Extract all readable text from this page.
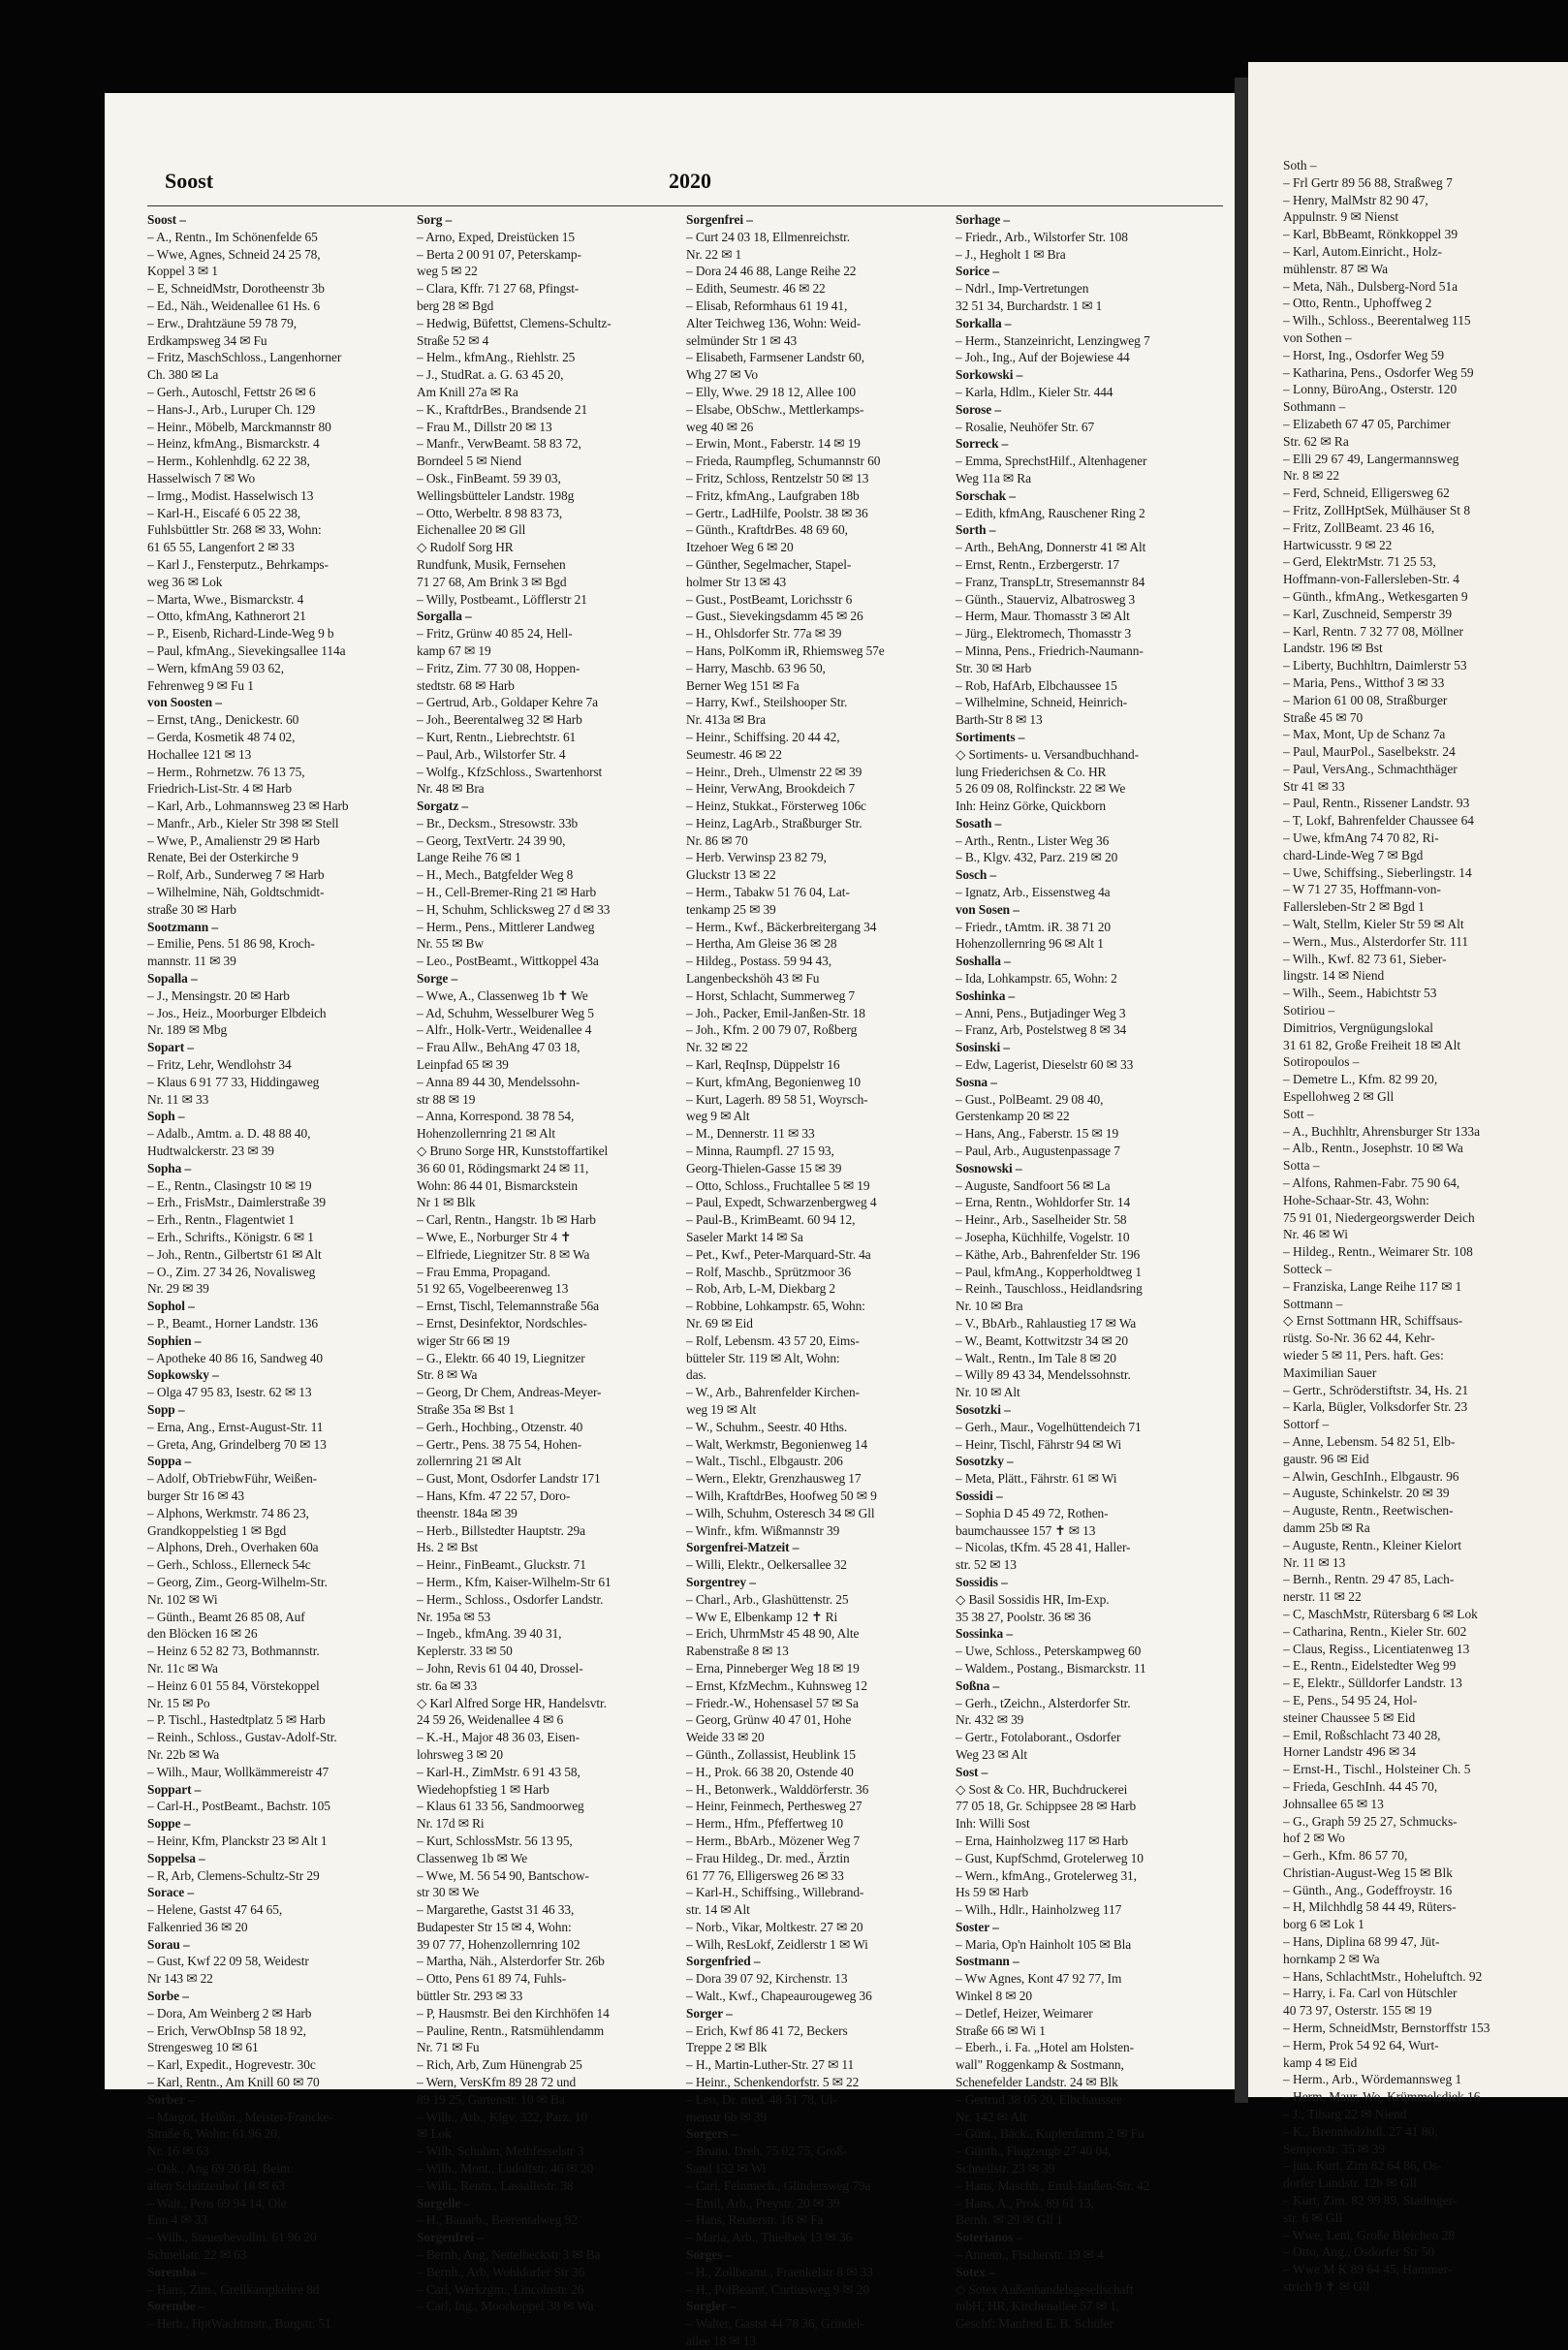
Soth –
– Frl Gertr 89 56 88, Straßweg 7
– Henry, MalMstr 82 90 47,
Appulnstr. 9 ✉ Nienst
– Karl, BbBeamt, Rönkkoppel 39
– Karl, Autom.Einricht., Holz-
mühlenstr. 87 ✉ Wa
– Meta, Näh., Dulsberg-Nord 51a
– Otto, Rentn., Uphoffweg 2
– Wilh., Schloss., Beerentalweg 115
von Sothen –
– Horst, Ing., Osdorfer Weg 59
– Katharina, Pens., Osdorfer Weg 59
– Lonny, BüroAng., Osterstr. 120
Sothmann –
– Elizabeth 67 47 05, Parchimer
Str. 62 ✉ Ra
– Elli 29 67 49, Langermannsweg
Nr. 8 ✉ 22
– Ferd, Schneid, Elligersweg 62
– Fritz, ZollHptSek, Mülhäuser St 8
– Fritz, ZollBeamt. 23 46 16,
Hartwicusstr. 9 ✉ 22
– Gerd, ElektrMstr. 71 25 53,
Hoffmann-von-Fallersleben-Str. 4
– Günth., kfmAng., Wetkesgarten 9
– Karl, Zuschneid, Semperstr 39
– Karl, Rentn. 7 32 77 08, Möllner
Landstr. 196 ✉ Bst
– Liberty, Buchhltrn, Daimlerstr 53
– Maria, Pens., Witthof 3 ✉ 33
– Marion 61 00 08, Straßburger
Straße 45 ✉ 70
– Max, Mont, Up de Schanz 7a
– Paul, MaurPol., Saselbekstr. 24
– Paul, VersAng., Schmachthäger
Str 41 ✉ 33
– Paul, Rentn., Rissener Landstr. 93
– T, Lokf, Bahrenfelder Chaussee 64
– Uwe, kfmAng 74 70 82, Ri-
chard-Linde-Weg 7 ✉ Bgd
– Uwe, Schiffsing., Sieberlingstr. 14
– W 71 27 35, Hoffmann-von-
Fallersleben-Str 2 ✉ Bgd 1
– Walt, Stellm, Kieler Str 59 ✉ Alt
– Wern., Mus., Alsterdorfer Str. 111
– Wilh., Kwf. 82 73 61, Sieber-
lingstr. 14 ✉ Niend
– Wilh., Seem., Habichtstr 53
Sotiriou –
Dimitrios, Vergnügungslokal
31 61 82, Große Freiheit 18 ✉ Alt
Sotiropoulos –
– Demetre L., Kfm. 82 99 20,
Espellohweg 2 ✉ Gll
Sott –
– A., Buchhltr, Ahrensburger Str 133a
– Alb., Rentn., Josephstr. 10 ✉ Wa
Sotta –
– Alfons, Rahmen-Fabr. 75 90 64,
Hohe-Schaar-Str. 43, Wohn:
75 91 01, Niedergeorgswerder Deich
Nr. 46 ✉ Wi
– Hildeg., Rentn., Weimarer Str. 108
Sotteck –
– Franziska, Lange Reihe 117 ✉ 1
Sottmann –
◇ Ernst Sottmann HR, Schiffsaus-
rüstg. So-Nr. 36 62 44, Kehr-
wieder 5 ✉ 11, Pers. haft. Ges:
Maximilian Sauer
– Gertr., Schröderstiftstr. 34, Hs. 21
– Karla, Bügler, Volksdorfer Str. 23
Sottorf –
– Anne, Lebensm. 54 82 51, Elb-
gaustr. 96 ✉ Eid
– Alwin, GeschInh., Elbgaustr. 96
– Auguste, Schinkelstr. 20 ✉ 39
– Auguste, Rentn., Reetwischen-
damm 25b ✉ Ra
– Auguste, Rentn., Kleiner Kielort
Nr. 11 ✉ 13
– Bernh., Rentn. 29 47 85, Lach-
nerstr. 11 ✉ 22
– C, MaschMstr, Rütersbarg 6 ✉ Lok
– Catharina, Rentn., Kieler Str. 602
– Claus, Regiss., Licentiatenweg 13
– E., Rentn., Eidelstedter Weg 99
– E, Elektr., Sülldorfer Landstr. 13
– E, Pens., 54 95 24, Hol-
steiner Chaussee 5 ✉ Eid
– Emil, Roßschlacht 73 40 28,
Horner Landstr 496 ✉ 34
– Ernst-H., Tischl., Holsteiner Ch. 5
– Frieda, GeschInh. 44 45 70,
Johnsallee 65 ✉ 13
– G., Graph 59 25 27, Schmucks-
hof 2 ✉ Wo
– Gerh., Kfm. 86 57 70,
Christian-August-Weg 15 ✉ Blk
– Günth., Ang., Godeffroystr. 16
– H, Milchhdlg 58 44 49, Rüters-
borg 6 ✉ Lok 1
– Hans, Diplina 68 99 47, Jüt-
hornkamp 2 ✉ Wa
– Hans, SchlachtMstr., Hoheluftch. 92
– Harry, i. Fa. Carl von Hütschler
40 73 97, Osterstr. 155 ✉ 19
– Herm, SchneidMstr, Bernstorffstr 153
– Herm, Prok 54 92 64, Wurt-
kamp 4 ✉ Eid
– Herm., Arb., Wördemannsweg 1
– Herm, Maur, Wo, Krümmelsdiek 16
– J., Tibarg 22 ✉ Niend
– K., Brennholzhdl. 27 41 80,
Semperstr. 35 ✉ 39
– jun, Kurt, Zim 82 64 86, Os-
dorfer Landstr. 12b ✉ Gll
– Kurt, Zim. 82 99 89, Stadinger-
str. 6 ✉ Gll
– Wwe, Leni, Große Bleichen 28
– Otto, Ang., Osdorfer Str 50
– Wwe M K 89 64 45, Hammer-
strich 9 ✝ ✉ Gll
Soost	2020
Soost –
– A., Rentn., Im Schönenfelde 65
– Wwe, Agnes, Schneid 24 25 78,
Koppel 3 ✉ 1
– E, SchneidMstr, Dorotheenstr 3b
– Ed., Näh., Weidenallee 61 Hs. 6
– Erw., Drahtzäune 59 78 79,
Erdkampsweg 34 ✉ Fu
– Fritz, MaschSchloss., Langenhorner
Ch. 380 ✉ La
– Gerh., Autoschl, Fettstr 26 ✉ 6
– Hans-J., Arb., Luruper Ch. 129
– Heinr., Möbelb, Marckmannstr 80
– Heinz, kfmAng., Bismarckstr. 4
– Herm., Kohlenhdlg. 62 22 38,
Hasselwisch 7 ✉ Wo
– Irmg., Modist. Hasselwisch 13
– Karl-H., Eiscafé 6 05 22 38,
Fuhlsbüttler Str. 268 ✉ 33, Wohn:
61 65 55, Langenfort 2 ✉ 33
– Karl J., Fensterputz., Behrkamps-
weg 36 ✉ Lok
– Marta, Wwe., Bismarckstr. 4
– Otto, kfmAng, Kathnerort 21
– P., Eisenb, Richard-Linde-Weg 9 b
– Paul, kfmAng., Sievekingsallee 114a
– Wern, kfmAng 59 03 62,
Fehrenweg 9 ✉ Fu 1
von Soosten –
– Ernst, tAng., Denickestr. 60
– Gerda, Kosmetik 48 74 02,
Hochallee 121 ✉ 13
– Herm., Rohrnetzw. 76 13 75,
Friedrich-List-Str. 4 ✉ Harb
– Karl, Arb., Lohmannsweg 23 ✉ Harb
– Manfr., Arb., Kieler Str 398 ✉ Stell
– Wwe, P., Amalienstr 29 ✉ Harb
Renate, Bei der Osterkirche 9
– Rolf, Arb., Sunderweg 7 ✉ Harb
– Wilhelmine, Näh, Goldtschmidt-
straße 30 ✉ Harb
Sootzmann –
– Emilie, Pens. 51 86 98, Kroch-
mannstr. 11 ✉ 39
Sopalla –
– J., Mensingstr. 20 ✉ Harb
– Jos., Heiz., Moorburger Elbdeich
Nr. 189 ✉ Mbg
Sopart –
– Fritz, Lehr, Wendlohstr 34
– Klaus 6 91 77 33, Hiddingaweg
Nr. 11 ✉ 33
Soph –
– Adalb., Amtm. a. D. 48 88 40,
Hudtwalckerstr. 23 ✉ 39
Sopha –
– E., Rentn., Clasingstr 10 ✉ 19
– Erh., FrisMstr., Daimlerstraße 39
– Erh., Rentn., Flagentwiet 1
– Erh., Schrifts., Königstr. 6 ✉ 1
– Joh., Rentn., Gilbertstr 61 ✉ Alt
– O., Zim. 27 34 26, Novalisweg
Nr. 29 ✉ 39
Sophol –
– P., Beamt., Horner Landstr. 136
Sophien –
– Apotheke 40 86 16, Sandweg 40
Sopkowsky –
– Olga 47 95 83, Isestr. 62 ✉ 13
Sopp –
– Erna, Ang., Ernst-August-Str. 11
– Greta, Ang, Grindelberg 70 ✉ 13
Soppa –
– Adolf, ObTriebwFühr, Weißen-
burger Str 16 ✉ 43
– Alphons, Werkmstr. 74 86 23,
Grandkoppelstieg 1 ✉ Bgd
– Alphons, Dreh., Overhaken 60a
– Gerh., Schloss., Ellerneck 54c
– Georg, Zim., Georg-Wilhelm-Str.
Nr. 102 ✉ Wi
– Günth., Beamt 26 85 08, Auf
den Blöcken 16 ✉ 26
– Heinz 6 52 82 73, Bothmannstr.
Nr. 11c ✉ Wa
– Heinz 6 01 55 84, Vörstekoppel
Nr. 15 ✉ Po
– P. Tischl., Hastedtplatz 5 ✉ Harb
– Reinh., Schloss., Gustav-Adolf-Str.
Nr. 22b ✉ Wa
– Wilh., Maur, Wollkämmereistr 47
Soppart –
– Carl-H., PostBeamt., Bachstr. 105
Soppe –
– Heinr, Kfm, Planckstr 23 ✉ Alt 1
Soppelsa –
– R, Arb, Clemens-Schultz-Str 29
Sorace –
– Helene, Gastst 47 64 65,
Falkenried 36 ✉ 20
Sorau –
– Gust, Kwf 22 09 58, Weidestr
Nr 143 ✉ 22
Sorbe –
– Dora, Am Weinberg 2 ✉ Harb
– Erich, VerwObInsp 58 18 92,
Strengesweg 10 ✉ 61
– Karl, Expedit., Hogrevestr. 30c
– Karl, Rentn., Am Knill 60 ✉ 70
Sorber –
– Margot, Heißm., Meister-Francke-
Straße 6, Wohn: 61 96 20,
Nr. 16 ✉ 63
– Osk., Ang 69 20 84, Beim
alten Schützenhof 18 ✉ 63
– Walt., Pens 69 94 14, Ole
Enn 4 ✉ 33
– Wilh., Steuerbevollm. 61 96 20
Schnellstr. 22 ✉ 63
Soremba –
– Hans, Zim., Grellkampkehre 8d
Sorembe –
– Herb., HptWachtmstr., Burgstr. 51
Sorg –
– Arno, Exped, Dreistücken 15
– Berta 2 00 91 07, Peterskamp-
weg 5 ✉ 22
– Clara, Kffr. 71 27 68, Pfingst-
berg 28 ✉ Bgd
– Hedwig, Büfettst, Clemens-Schultz-
Straße 52 ✉ 4
– Helm., kfmAng., Riehlstr. 25
– J., StudRat. a. G. 63 45 20,
Am Knill 27a ✉ Ra
– K., KraftdrBes., Brandsende 21
– Frau M., Dillstr 20 ✉ 13
– Manfr., VerwBeamt. 58 83 72,
Borndeel 5 ✉ Niend
– Osk., FinBeamt. 59 39 03,
Wellingsbütteler Landstr. 198g
– Otto, Werbeltr. 8 98 83 73,
Eichenallee 20 ✉ Gll
◇ Rudolf Sorg HR
Rundfunk, Musik, Fernsehen
71 27 68, Am Brink 3 ✉ Bgd
– Willy, Postbeamt., Löfflerstr 21
Sorgalla –
– Fritz, Grünw 40 85 24, Hell-
kamp 67 ✉ 19
– Fritz, Zim. 77 30 08, Hoppen-
stedtstr. 68 ✉ Harb
– Gertrud, Arb., Goldaper Kehre 7a
– Joh., Beerentalweg 32 ✉ Harb
– Kurt, Rentn., Liebrechtstr. 61
– Paul, Arb., Wilstorfer Str. 4
– Wolfg., KfzSchloss., Swartenhorst
Nr. 48 ✉ Bra
Sorgatz –
– Br., Decksm., Stresowstr. 33b
– Georg, TextVertr. 24 39 90,
Lange Reihe 76 ✉ 1
– H., Mech., Batgfelder Weg 8
– H., Cell-Bremer-Ring 21 ✉ Harb
– H, Schuhm, Schlicksweg 27 d ✉ 33
– Herm., Pens., Mittlerer Landweg
Nr. 55 ✉ Bw
– Leo., PostBeamt., Wittkoppel 43a
Sorge –
– Wwe, A., Classenweg 1b ✝ We
– Ad, Schuhm, Wesselburer Weg 5
– Alfr., Holk-Vertr., Weidenallee 4
– Frau Allw., BehAng 47 03 18,
Leinpfad 65 ✉ 39
– Anna 89 44 30, Mendelssohn-
str 88 ✉ 19
– Anna, Korrespond. 38 78 54,
Hohenzollernring 21 ✉ Alt
◇ Bruno Sorge HR, Kunststoffartikel
36 60 01, Rödingsmarkt 24 ✉ 11,
Wohn: 86 44 01, Bismarckstein
Nr 1 ✉ Blk
– Carl, Rentn., Hangstr. 1b ✉ Harb
– Wwe, E., Norburger Str 4 ✝
– Elfriede, Liegnitzer Str. 8 ✉ Wa
– Frau Emma, Propagand.
51 92 65, Vogelbeerenweg 13
– Ernst, Tischl, Telemannstraße 56a
– Ernst, Desinfektor, Nordschles-
wiger Str 66 ✉ 19
– G., Elektr. 66 40 19, Liegnitzer
Str. 8 ✉ Wa
– Georg, Dr Chem, Andreas-Meyer-
Straße 35a ✉ Bst 1
– Gerh., Hochbing., Otzenstr. 40
– Gertr., Pens. 38 75 54, Hohen-
zollernring 21 ✉ Alt
– Gust, Mont, Osdorfer Landstr 171
– Hans, Kfm. 47 22 57, Doro-
theenstr. 184a ✉ 39
– Herb., Billstedter Hauptstr. 29a
Hs. 2 ✉ Bst
– Heinr., FinBeamt., Gluckstr. 71
– Herm., Kfm, Kaiser-Wilhelm-Str 61
– Herm., Schloss., Osdorfer Landstr.
Nr. 195a ✉ 53
– Ingeb., kfmAng. 39 40 31,
Keplerstr. 33 ✉ 50
– John, Revis 61 04 40, Drossel-
str. 6a ✉ 33
◇ Karl Alfred Sorge HR, Handelsvtr.
24 59 26, Weidenallee 4 ✉ 6
– K.-H., Major 48 36 03, Eisen-
lohrsweg 3 ✉ 20
– Karl-H., ZimMstr. 6 91 43 58,
Wiedehopfstieg 1 ✉ Harb
– Klaus 61 33 56, Sandmoorweg
Nr. 17d ✉ Ri
– Kurt, SchlossMstr. 56 13 95,
Classenweg 1b ✉ We
– Wwe, M. 56 54 90, Bantschow-
str 30 ✉ We
– Margarethe, Gastst 31 46 33,
Budapester Str 15 ✉ 4, Wohn:
39 07 77, Hohenzollernring 102
– Martha, Näh., Alsterdorfer Str. 26b
– Otto, Pens 61 89 74, Fuhls-
büttler Str. 293 ✉ 33
– P, Hausmstr. Bei den Kirchhöfen 14
– Pauline, Rentn., Ratsmühlendamm
Nr. 71 ✉ Fu
– Rich, Arb, Zum Hünengrab 25
– Wern, VersKfm 89 28 72 und
89 19 25, Gartenstr. 10 ✉ Ba
– Wilh., Arb., Klgv. 322, Parz. 10
✉ Lok
– Wilh, Schuhm, Methfesselstr 3
– Wilh., Mont., Ludolfstr. 46 ✉ 20
– Wilh., Rentn., Lassallestr. 38
Sorgelle –
– H., Bauarb., Beerentalweg 92
Sorgenfrei –
– Bernh, Ang, Nettelbeckstr 3 ✉ Ba
– Bernh., Arb, Wohldorfer Str 36
– Carl, Werkzgm., Lincolnstr. 26
– Carl, Ing., Moorkoppel 38 ✉ Wa
Sorgenfrei –
– Curt 24 03 18, Ellmenreichstr.
Nr. 22 ✉ 1
– Dora 24 46 88, Lange Reihe 22
– Edith, Seumestr. 46 ✉ 22
– Elisab, Reformhaus 61 19 41,
Alter Teichweg 136, Wohn: Weid-
selmünder Str 1 ✉ 43
– Elisabeth, Farmsener Landstr 60,
Whg 27 ✉ Vo
– Elly, Wwe. 29 18 12, Allee 100
– Elsabe, ObSchw., Mettlerkamps-
weg 40 ✉ 26
– Erwin, Mont., Faberstr. 14 ✉ 19
– Frieda, Raumpfleg, Schumannstr 60
– Fritz, Schloss, Rentzelstr 50 ✉ 13
– Fritz, kfmAng., Laufgraben 18b
– Gertr., LadHilfe, Poolstr. 38 ✉ 36
– Günth., KraftdrBes. 48 69 60,
Itzehoer Weg 6 ✉ 20
– Günther, Segelmacher, Stapel-
holmer Str 13 ✉ 43
– Gust., PostBeamt, Lorichsstr 6
– Gust., Sievekingsdamm 45 ✉ 26
– H., Ohlsdorfer Str. 77a ✉ 39
– Hans, PolKomm iR, Rhiemsweg 57e
– Harry, Maschb. 63 96 50,
Berner Weg 151 ✉ Fa
– Harry, Kwf., Steilshooper Str.
Nr. 413a ✉ Bra
– Heinr., Schiffsing. 20 44 42,
Seumestr. 46 ✉ 22
– Heinr., Dreh., Ulmenstr 22 ✉ 39
– Heinr, VerwAng, Brookdeich 7
– Heinz, Stukkat., Försterweg 106c
– Heinz, LagArb., Straßburger Str.
Nr. 86 ✉ 70
– Herb. Verwinsp 23 82 79,
Gluckstr 13 ✉ 22
– Herm., Tabakw 51 76 04, Lat-
tenkamp 25 ✉ 39
– Herm., Kwf., Bäckerbreitergang 34
– Hertha, Am Gleise 36 ✉ 28
– Hildeg., Postass. 59 94 43,
Langenbeckshöh 43 ✉ Fu
– Horst, Schlacht, Summerweg 7
– Joh., Packer, Emil-Janßen-Str. 18
– Joh., Kfm. 2 00 79 07, Roßberg
Nr. 32 ✉ 22
– Karl, ReqInsp, Düppelstr 16
– Kurt, kfmAng, Begonienweg 10
– Kurt, Lagerh. 89 58 51, Woyrsch-
weg 9 ✉ Alt
– M., Dennerstr. 11 ✉ 33
– Minna, Raumpfl. 27 15 93,
Georg-Thielen-Gasse 15 ✉ 39
– Otto, Schloss., Fruchtallee 5 ✉ 19
– Paul, Expedt, Schwarzenbergweg 4
– Paul-B., KrimBeamt. 60 94 12,
Saseler Markt 14 ✉ Sa
– Pet., Kwf., Peter-Marquard-Str. 4a
– Rolf, Maschb., Sprützmoor 36
– Rob, Arb, L-M, Diekbarg 2
– Robbine, Lohkampstr. 65, Wohn:
Nr. 69 ✉ Eid
– Rolf, Lebensm. 43 57 20, Eims-
bütteler Str. 119 ✉ Alt, Wohn:
das.
– W., Arb., Bahrenfelder Kirchen-
weg 19 ✉ Alt
– W., Schuhm., Seestr. 40 Hths.
– Walt, Werkmstr, Begonienweg 14
– Walt., Tischl., Elbgaustr. 206
– Wern., Elektr, Grenzhausweg 17
– Wilh, KraftdrBes, Hoofweg 50 ✉ 9
– Wilh, Schuhm, Osteresch 34 ✉ Gll
– Winfr., kfm. Wißmannstr 39
Sorgenfrei-Matzeit –
– Willi, Elektr., Oelkersallee 32
Sorgentrey –
– Charl., Arb., Glashüttenstr. 25
– Ww E, Elbenkamp 12 ✝ Ri
– Erich, UhrmMstr 45 48 90, Alte
Rabenstraße 8 ✉ 13
– Erna, Pinneberger Weg 18 ✉ 19
– Ernst, KfzMechm., Kuhnsweg 12
– Friedr.-W., Hohensasel 57 ✉ Sa
– Georg, Grünw 40 47 01, Hohe
Weide 33 ✉ 20
– Günth., Zollassist, Heublink 15
– H., Prok. 66 38 20, Ostende 40
– H., Betonwerk., Walddörferstr. 36
– Heinr, Feinmech, Perthesweg 27
– Herm., Hfm., Pfeffertweg 10
– Herm., BbArb., Mözener Weg 7
– Frau Hildeg., Dr. med., Ärztin
61 77 76, Elligersweg 26 ✉ 33
– Karl-H., Schiffsing., Willebrand-
str. 14 ✉ Alt
– Norb., Vikar, Moltkestr. 27 ✉ 20
– Wilh, ResLokf, Zeidlerstr 1 ✉ Wi
Sorgenfried –
– Dora 39 07 92, Kirchenstr. 13
– Walt., Kwf., Chapeaurougeweg 36
Sorger –
– Erich, Kwf 86 41 72, Beckers
Treppe 2 ✉ Blk
– H., Martin-Luther-Str. 27 ✉ 11
– Heinr., Schenkendorfstr. 5 ✉ 22
– Leo, Dr. med. 48 51 78, Ul-
menstr 6b ✉ 39
Sorgers –
– Bruno, Dreh. 75 02 75, Groß-
Sand 132 ✉ Wi
– Carl, Feinmech., Glindersweg 79a
– Emil, Arb., Preystr. 20 ✉ 39
– Hans, Reuterstr. 16 ✉ Fa
– Maria, Arb., Thielbek 13 ✉ 36
Sorges –
– H., Zollbeamt., Fraenkelstr 8 ✉ 33
– H., PolBeamt, Curtiusweg 9 ✉ 20
Sorgler –
– Walter, Gastst 44 78 36, Grindel-
allee 18 ✉ 13
Sorhage –
– Friedr., Arb., Wilstorfer Str. 108
– J., Hegholt 1 ✉ Bra
Sorice –
– Ndrl., Imp-Vertretungen
32 51 34, Burchardstr. 1 ✉ 1
Sorkalla –
– Herm., Stanzeinricht, Lenzingweg 7
– Joh., Ing., Auf der Bojewiese 44
Sorkowski –
– Karla, Hdlm., Kieler Str. 444
Sorose –
– Rosalie, Neuhöfer Str. 67
Sorreck –
– Emma, SprechstHilf., Altenhagener
Weg 11a ✉ Ra
Sorschak –
– Edith, kfmAng, Rauschener Ring 2
Sorth –
– Arth., BehAng, Donnerstr 41 ✉ Alt
– Ernst, Rentn., Erzbergerstr. 17
– Franz, TranspLtr, Stresemannstr 84
– Günth., Stauerviz, Albatrosweg 3
– Herm, Maur. Thomasstr 3 ✉ Alt
– Jürg., Elektromech, Thomasstr 3
– Minna, Pens., Friedrich-Naumann-
Str. 30 ✉ Harb
– Rob, HafArb, Elbchaussee 15
– Wilhelmine, Schneid, Heinrich-
Barth-Str 8 ✉ 13
Sortiments –
◇ Sortiments- u. Versandbuchhand-
lung Friederichsen & Co. HR
5 26 09 08, Rolfinckstr. 22 ✉ We
Inh: Heinz Görke, Quickborn
Sosath –
– Arth., Rentn., Lister Weg 36
– B., Klgv. 432, Parz. 219 ✉ 20
Sosch –
– Ignatz, Arb., Eissenstweg 4a
von Sosen –
– Friedr., tAmtm. iR. 38 71 20
Hohenzollernring 96 ✉ Alt 1
Soshalla –
– Ida, Lohkampstr. 65, Wohn: 2
Soshinka –
– Anni, Pens., Butjadinger Weg 3
– Franz, Arb, Postelstweg 8 ✉ 34
Sosinski –
– Edw, Lagerist, Dieselstr 60 ✉ 33
Sosna –
– Gust., PolBeamt. 29 08 40,
Gerstenkamp 20 ✉ 22
– Hans, Ang., Faberstr. 15 ✉ 19
– Paul, Arb., Augustenpassage 7
Sosnowski –
– Auguste, Sandfoort 56 ✉ La
– Erna, Rentn., Wohldorfer Str. 14
– Heinr., Arb., Saselheider Str. 58
– Josepha, Küchhilfe, Vogelstr. 10
– Käthe, Arb., Bahrenfelder Str. 196
– Paul, kfmAng., Kopperholdtweg 1
– Reinh., Tauschloss., Heidlandsring
Nr. 10 ✉ Bra
– V., BbArb., Rahlaustieg 17 ✉ Wa
– W., Beamt, Kottwitzstr 34 ✉ 20
– Walt., Rentn., Im Tale 8 ✉ 20
– Willy 89 43 34, Mendelssohnstr.
Nr. 10 ✉ Alt
Sosotzki –
– Gerh., Maur., Vogelhüttendeich 71
– Heinr, Tischl, Fährstr 94 ✉ Wi
Sosotzky –
– Meta, Plätt., Fährstr. 61 ✉ Wi
Sossidi –
– Sophia D 45 49 72, Rothen-
baumchaussee 157 ✝ ✉ 13
– Nicolas, tKfm. 45 28 41, Haller-
str. 52 ✉ 13
Sossidis –
◇ Basil Sossidis HR, Im-Exp.
35 38 27, Poolstr. 36 ✉ 36
Sossinka –
– Uwe, Schloss., Peterskampweg 60
– Waldem., Postang., Bismarckstr. 11
Soßna –
– Gerh., tZeichn., Alsterdorfer Str.
Nr. 432 ✉ 39
– Gertr., Fotolaborant., Osdorfer
Weg 23 ✉ Alt
Sost –
◇ Sost & Co. HR, Buchdruckerei
77 05 18, Gr. Schippsee 28 ✉ Harb
Inh: Willi Sost
– Erna, Hainholzweg 117 ✉ Harb
– Gust, KupfSchmd, Grotelerweg 10
– Wern., kfmAng., Grotelerweg 31,
Hs 59 ✉ Harb
– Wilh., Hdlr., Hainholzweg 117
Soster –
– Maria, Op'n Hainholt 105 ✉ Bla
Sostmann –
– Ww Agnes, Kont 47 92 77, Im
Winkel 8 ✉ 20
– Detlef, Heizer, Weimarer
Straße 66 ✉ Wi 1
– Eberh., i. Fa. „Hotel am Holsten-
wall" Roggenkamp & Sostmann,
Schenefelder Landstr. 24 ✉ Blk
– Gertrud 38 05 20, Elbchaussee
Nr. 142 ✉ Alt
– Günt., Bäck., Kupferdamm 2 ✉ Fu
– Günth., Flugzeugb 27 40 04,
Schnellstr. 23 ✉ 39
– Hans, Maschb., Emil-Janßen-Str. 42
– Hans, A., Prok. 89 61 13,
Bernh. ✉ 29 ✉ Gll 1
Soterianos –
– Annem., Fischerstr. 19 ✉ 4
Sotex –
◇ Sotex Außenhandelsgesellschaft
mbH, HR, Kirchenallee 57 ✉ 1,
Geschf: Manfred E. B. Schüler
